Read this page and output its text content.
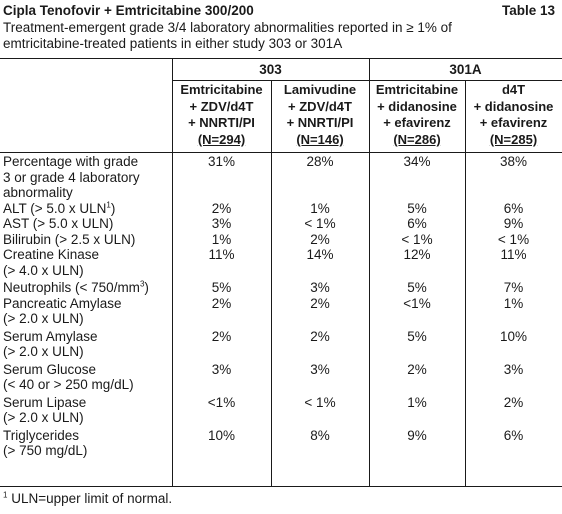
Cipla Tenofovir + Emtricitabine 300/200	Table 13
Treatment-emergent grade 3/4 laboratory abnormalities reported in ≥ 1% of
emtricitabine-treated patients in either study 303 or 301A
303	301A
Emtricitabine
+ ZDV/d4T
+ NNRTI/PI
(N=294)
Lamivudine
+ ZDV/d4T
+ NNRTI/PI
(N=146)
Emtricitabine
+ didanosine
+ efavirenz
(N=286)
d4T
+ didanosine
+ efavirenz
(N=285)
Percentage with grade
3 or grade 4 laboratory
abnormality
31%	28%	34%	38%
ALT (> 5.0 x ULN$^1$)	2%	1%	5%	6%
AST (> 5.0 x ULN)	3%	< 1%	6%	9%
Bilirubin (> 2.5 x ULN)	1%	2%	< 1%	< 1%
Creatine Kinase
(> 4.0 x ULN)
11%	14%	12%	11%
Neutrophils (< $750/mm^3$)	5%	3%	5%	7%
Pancreatic Amylase
(> 2.0 x ULN)
2%	2%	<1%	1%
Serum Amylase
(> 2.0 x ULN)
2%	2%	5%	10%
Serum Glucose
(< 40 or > 250 mg/dL)
3%	3%	2%	3%
Serum Lipase
(> 2.0 x ULN)
<1%	< 1%	1%	2%
Triglycerides
(> 750 mg/dL)
10%	8%	9%	6%
$^1$ ULN=upper limit of normal.
